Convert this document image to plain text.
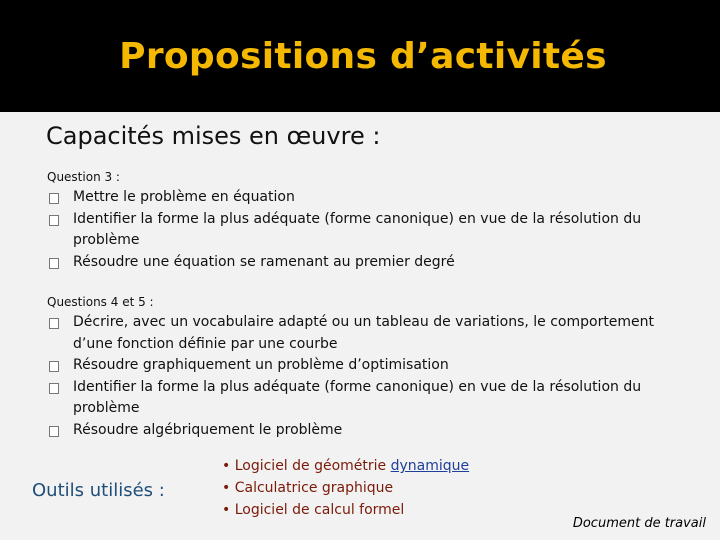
Propositions d’activités
Capacités mises en œuvre :
Question 3 :
Mettre le problème en équation
Identifier la forme la plus adéquate (forme canonique) en vue de la résolution du problème
Résoudre une équation se ramenant au premier degré
Questions 4 et 5 :
Décrire, avec un vocabulaire adapté ou un tableau de variations, le comportement d’une fonction définie par une courbe
Résoudre graphiquement un problème d’optimisation
Identifier la forme la plus adéquate (forme canonique) en vue de la résolution du problème
Résoudre algébriquement le problème
Outils utilisés :
• Logiciel de géométrie dynamique
• Calculatrice graphique
• Logiciel de calcul formel
Document de travail
